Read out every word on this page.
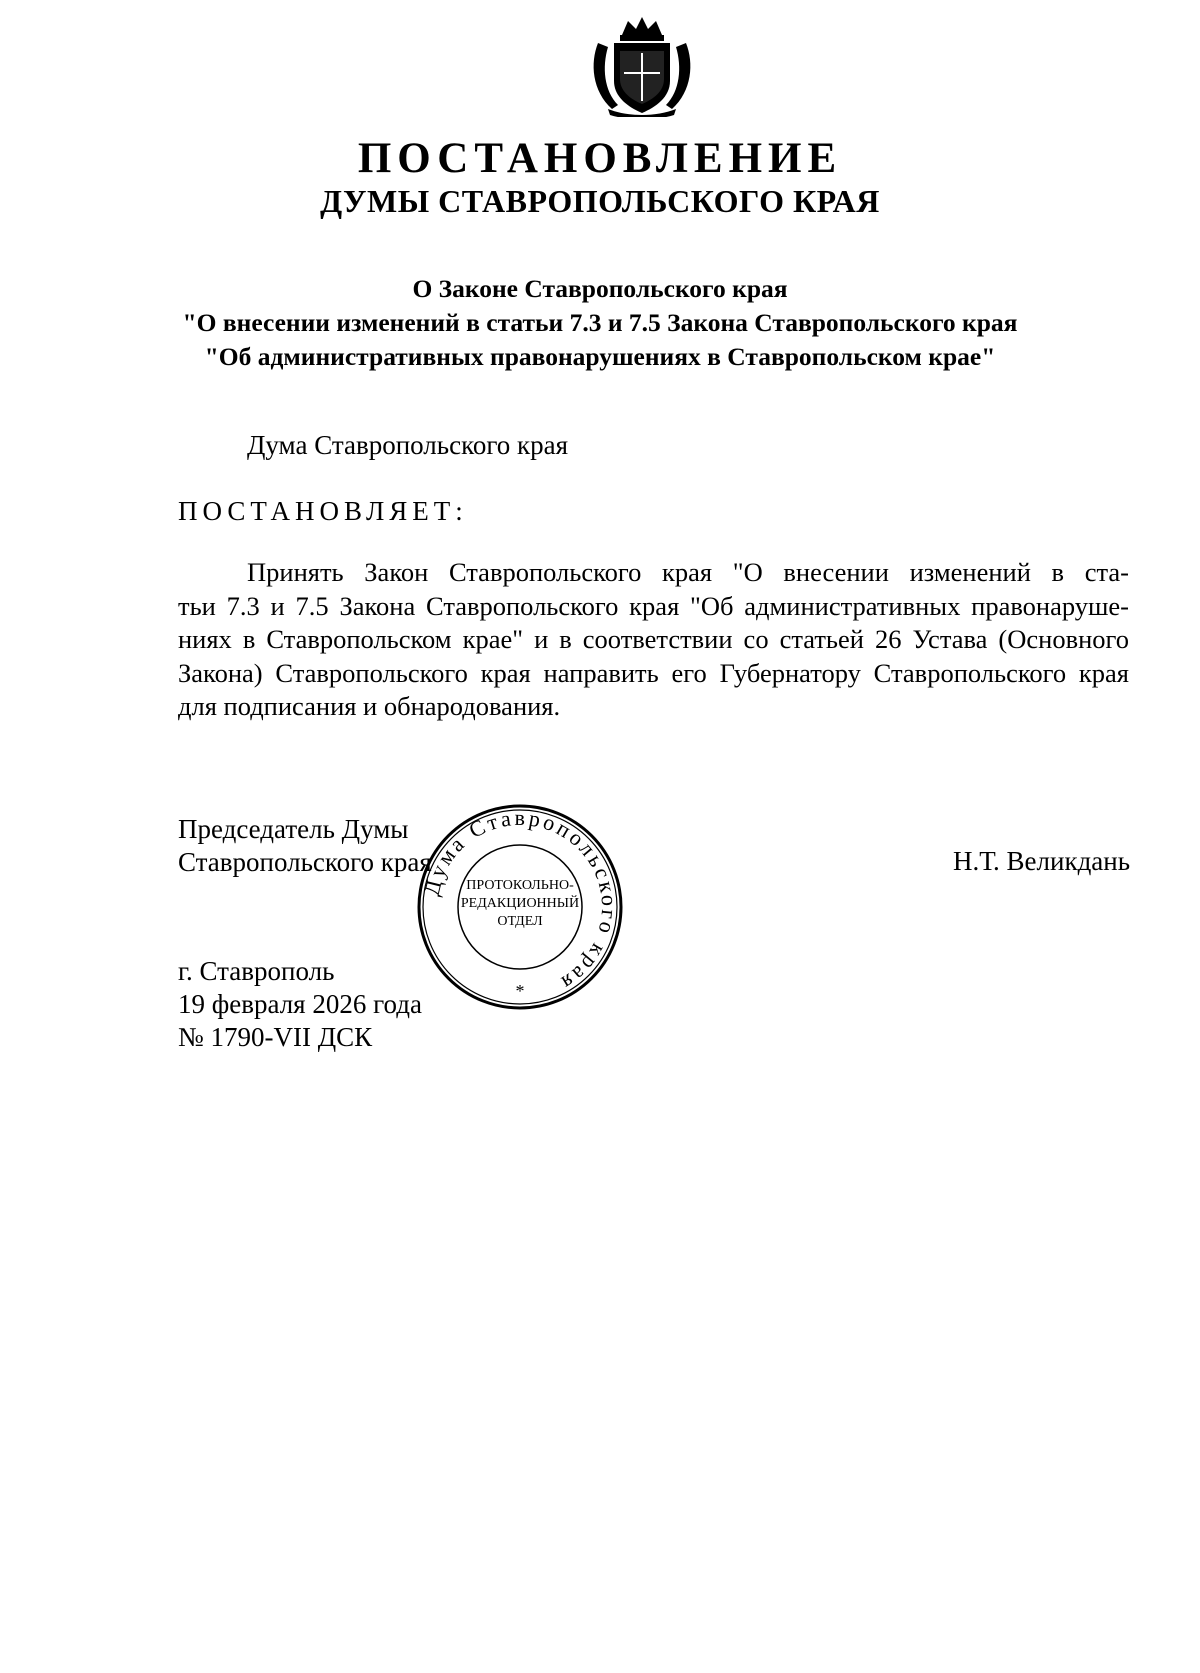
ПОСТАНОВЛЕНИЕ
ДУМЫ СТАВРОПОЛЬСКОГО КРАЯ
О Законе Ставропольского края
"О внесении изменений в статьи 7.3 и 7.5 Закона Ставропольского края
"Об административных правонарушениях в Ставропольском крае"
Дума Ставропольского края
ПОСТАНОВЛЯЕТ:
Принять Закон Ставропольского края "О внесении изменений в ста-
тьи 7.3 и 7.5 Закона Ставропольского края "Об административных правонаруше-
ниях в Ставропольском крае" и в соответствии со статьей 26 Устава (Основного
Закона) Ставропольского края направить его Губернатору Ставропольского края
для подписания и обнародования.
Председатель Думы
Ставропольского края	Н.Т. Великдань
г. Ставрополь
19 февраля 2026 года
№ 1790-VII ДСК
Дума Ставропольского края
ПРОТОКОЛЬНО-
РЕДАКЦИОННЫЙ
ОТДЕЛ
*
